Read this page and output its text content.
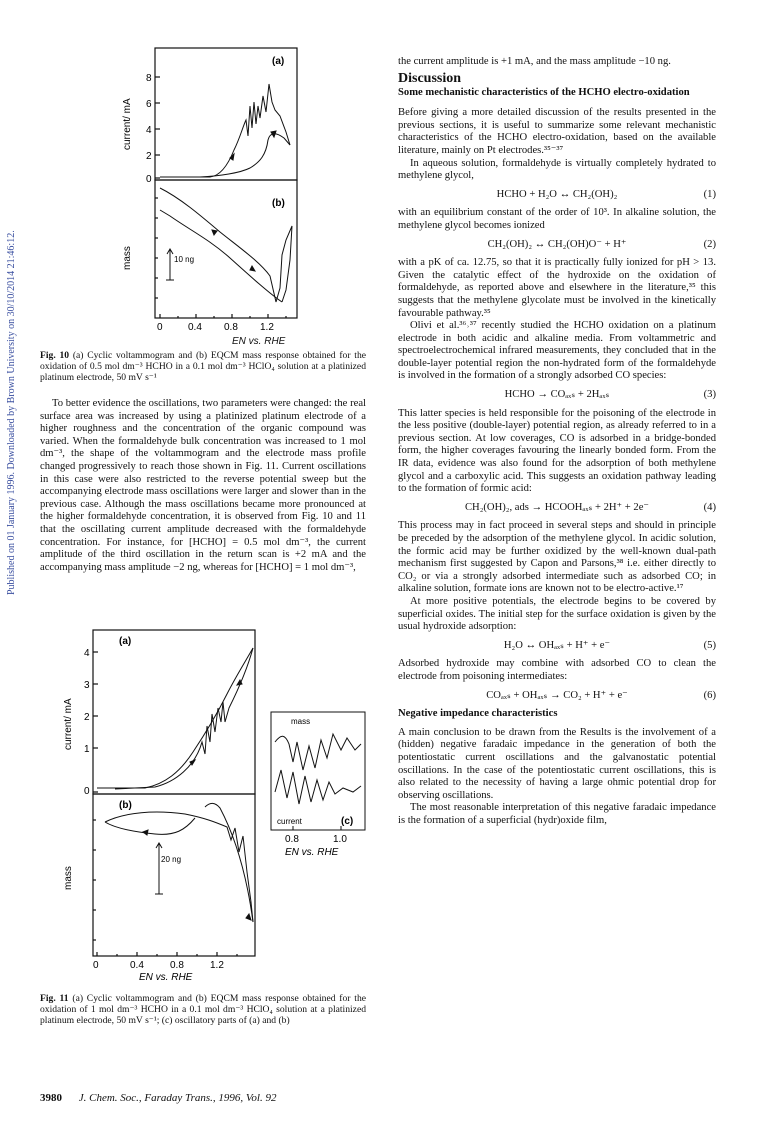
Published on 01 January 1996. Downloaded by Brown University on 30/10/2014 21:46:12.	10 ng
(a)
(b)
8
6
4
2
0
current/ mA
mass
0	0.4 0.8 1.2
EN vs. RHE
Fig. 10 (a) Cyclic voltammogram and (b) EQCM mass response obtained for the oxidation of 0.5 mol dm⁻³ HCHO in a 0.1 mol dm⁻³ HClO₄ solution at a platinized platinum electrode, 50 mV s⁻¹

To better evidence the oscillations, two parameters were changed: the real surface area was increased by using a platinized platinum electrode of a higher roughness and the concentration of the organic compound was varied. When the formaldehyde bulk concentration was increased to 1 mol dm⁻³, the shape of the voltammogram and the electrode mass profile changed progressively to reach those shown in Fig. 11. Current oscillations in this case were also restricted to the reverse potential sweep but the accompanying electrode mass oscillations were larger and slower than in the previous case. Although the mass oscillations became more pronounced at the higher formaldehyde concentration, it is observed from Fig. 10 and 11 that the oscillating current amplitude decreased with the formaldehyde concentration. For instance, for [HCHO] = 0.5 mol dm⁻³, the current amplitude of the third oscillation in the return scan is +2 mA and the accompanying mass amplitude −2 ng, whereas for [HCHO] = 1 mol dm⁻³,

20 ng
(a)
(b)
4
3
2
1
0
current/ mA
mass
0	0.4	0.8	1.2
EN vs. RHE
mass
current	(c)
0.8	1.0
EN vs. RHE
Fig. 11 (a) Cyclic voltammogram and (b) EQCM mass response obtained for the oxidation of 1 mol dm⁻³ HCHO in a 0.1 mol dm⁻³ HClO₄ solution at a platinized platinum electrode, 50 mV s⁻¹; (c) oscillatory parts of (a) and (b)

the current amplitude is +1 mA, and the mass amplitude −10 ng.

Discussion
Some mechanistic characteristics of the HCHO electro-oxidation

Before giving a more detailed discussion of the results presented in the previous sections, it is useful to summarize some relevant mechanistic characteristics of the HCHO electro-oxidation, based on the available literature, mainly on Pt electrodes.³⁵⁻³⁷

In aqueous solution, formaldehyde is virtually completely hydrated to methylene glycol,

HCHO + H₂O ↔ CH₂(OH)₂	(1)

with an equilibrium constant of the order of 10³. In alkaline solution, the methylene glycol becomes ionized

CH₂(OH)₂ ↔ CH₂(OH)O⁻ + H⁺	(2)

with a pK of ca. 12.75, so that it is practically fully ionized for pH > 13. Given the catalytic effect of the hydroxide on the oxidation of formaldehyde, as reported above and elsewhere in the literature,³⁵ this suggests that the methylene glycolate must be involved in the kinetically favourable pathway.³⁵

Olivi et al.³⁶˒³⁷ recently studied the HCHO oxidation on a platinum electrode in both acidic and alkaline media. From voltammetric and spectroelectrochemical infrared measurements, they concluded that in the double-layer potential region the non-hydrated form of the formaldehyde is involved in the formation of a strongly adsorbed CO species:

HCHO → COₐₓₛ + 2Hₐₓₛ	(3)

This latter species is held responsible for the poisoning of the electrode in the less positive (double-layer) potential region, as already referred to in a previous section. At low coverages, CO is adsorbed in a bridge-bonded form, the higher coverages favouring the linearly bonded form. From the IR data, evidence was also found for the adsorption of both methylene glycol and a carboxylic acid. This suggests an oxidation pathway leading to the formation of formic acid:

CH₂(OH)₂, ads → HCOOHₐₓₛ + 2H⁺ + 2e⁻	(4)

This process may in fact proceed in several steps and should in principle be preceded by the adsorption of the methylene glycol. In acidic solution, the formic acid may be further oxidized by the well-known dual-path mechanism first suggested by Capon and Parsons,³⁸ i.e. either directly to CO₂ or via a strongly adsorbed intermediate such as adsorbed CO; in alkaline solution, formate ions are known not to be electro-active.¹⁷

At more positive potentials, the electrode begins to be covered by superficial oxides. The initial step for the surface oxidation is given by the usual hydroxide adsorption:

H₂O ↔ OHₐₓₛ + H⁺ + e⁻	(5)

Adsorbed hydroxide may combine with adsorbed CO to clean the electrode from poisoning intermediates:

COₐₓₛ + OHₐₓₛ → CO₂ + H⁺ + e⁻	(6)
Negative impedance characteristics

A main conclusion to be drawn from the Results is the involvement of a (hidden) negative faradaic impedance in the generation of both the potentiostatic current oscillations and the galvanostatic potential oscillations. In the case of the potentiostatic current oscillations, this is also related to the necessity of having a large ohmic potential drop for observing oscillations.

The most reasonable interpretation of this negative faradaic impedance is the formation of a superficial (hydr)oxide film,

3980 J. Chem. Soc., Faraday Trans., 1996, Vol. 92
